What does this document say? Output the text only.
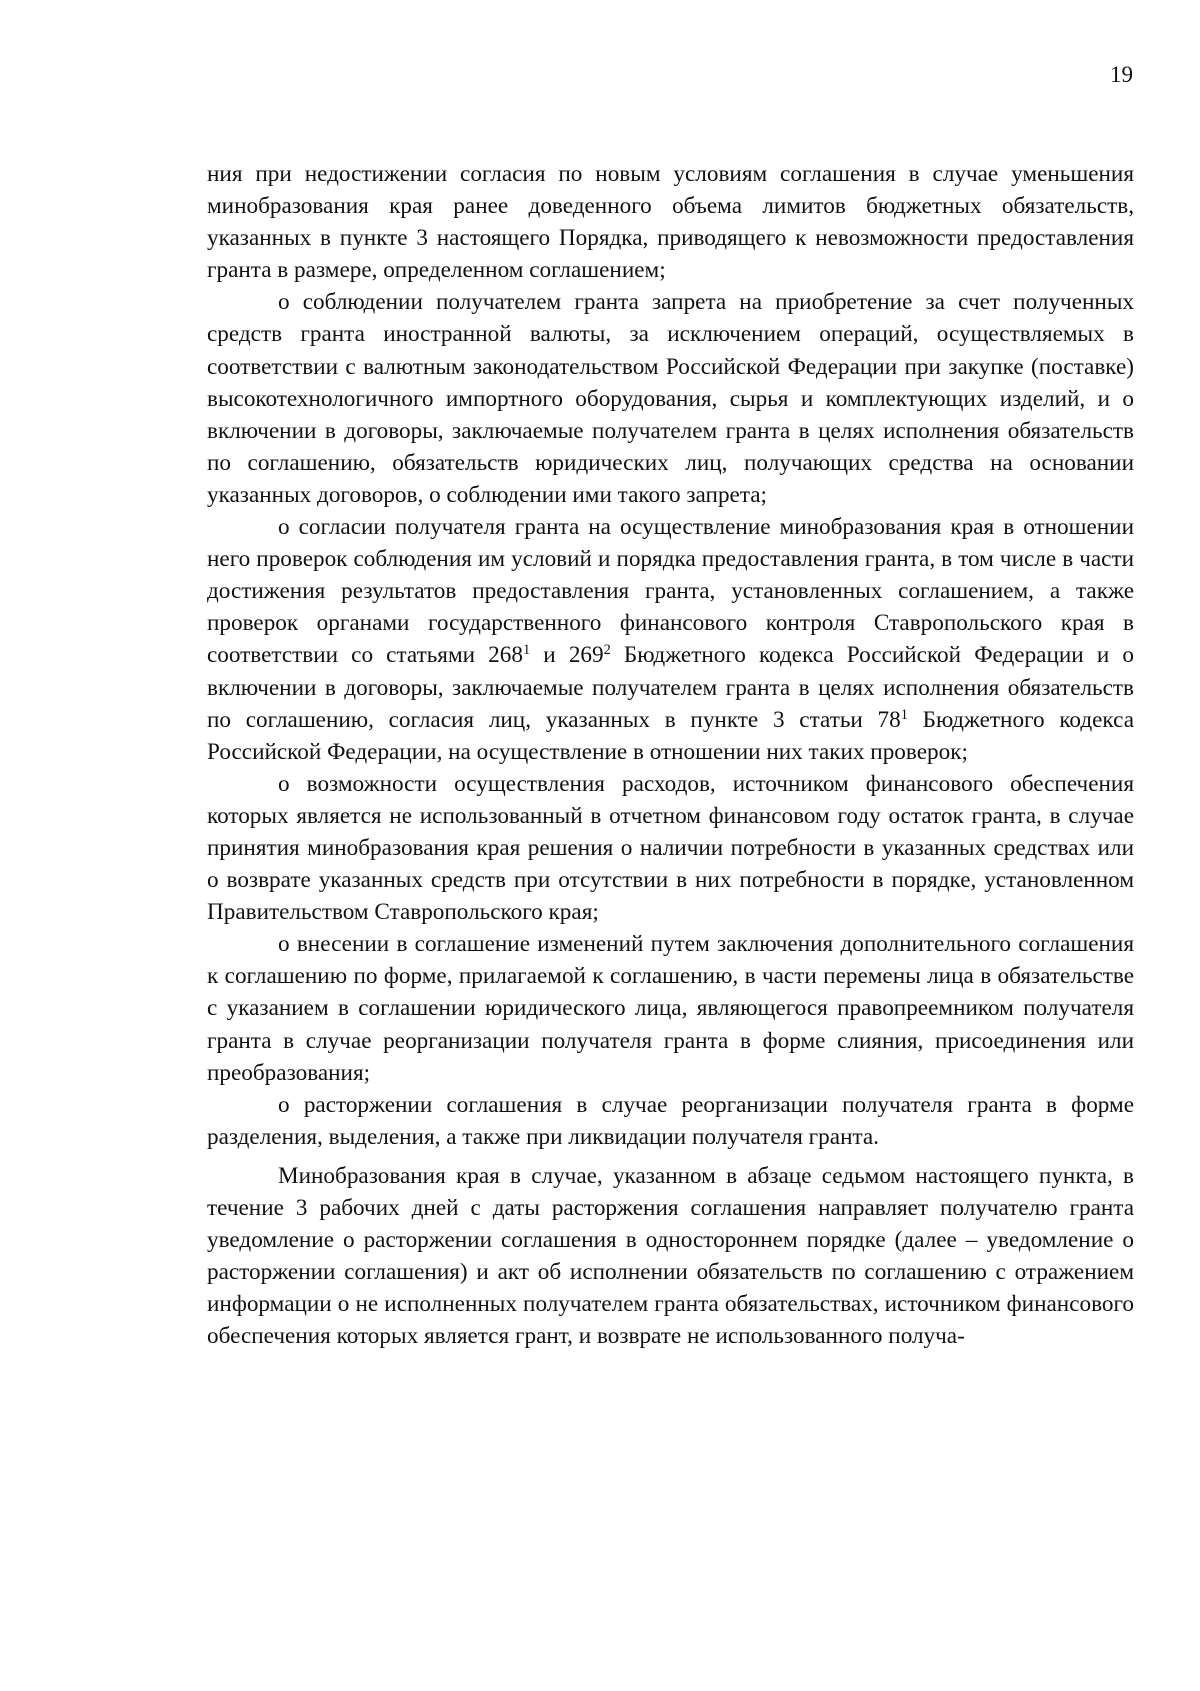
19

ния при недостижении согласия по новым условиям соглашения в случае уменьшения минобразования края ранее доведенного объема лимитов бюджетных обязательств, указанных в пункте 3 настоящего Порядка, приводящего к невозможности предоставления гранта в размере, определенном соглашением;

о соблюдении получателем гранта запрета на приобретение за счет полученных средств гранта иностранной валюты, за исключением операций, осуществляемых в соответствии с валютным законодательством Российской Федерации при закупке (поставке) высокотехнологичного импортного оборудования, сырья и комплектующих изделий, и о включении в договоры, заключаемые получателем гранта в целях исполнения обязательств по соглашению, обязательств юридических лиц, получающих средства на основании указанных договоров, о соблюдении ими такого запрета;

о согласии получателя гранта на осуществление минобразования края в отношении него проверок соблюдения им условий и порядка предоставления гранта, в том числе в части достижения результатов предоставления гранта, установленных соглашением, а также проверок органами государственного финансового контроля Ставропольского края в соответствии со статьями $268^1$ и $269^2$ Бюджетного кодекса Российской Федерации и о включении в договоры, заключаемые получателем гранта в целях исполнения обязательств по соглашению, согласия лиц, указанных в пункте 3 статьи $78^1$ Бюджетного кодекса Российской Федерации, на осуществление в отношении них таких проверок;

о возможности осуществления расходов, источником финансового обеспечения которых является не использованный в отчетном финансовом году остаток гранта, в случае принятия минобразования края решения о наличии потребности в указанных средствах или о возврате указанных средств при отсутствии в них потребности в порядке, установленном Правительством Ставропольского края;

о внесении в соглашение изменений путем заключения дополнительного соглашения к соглашению по форме, прилагаемой к соглашению, в части перемены лица в обязательстве с указанием в соглашении юридического лица, являющегося правопреемником получателя гранта в случае реорганизации получателя гранта в форме слияния, присоединения или преобразования;

о расторжении соглашения в случае реорганизации получателя гранта в форме разделения, выделения, а также при ликвидации получателя гранта.

Минобразования края в случае, указанном в абзаце седьмом настоящего пункта, в течение 3 рабочих дней с даты расторжения соглашения направляет получателю гранта уведомление о расторжении соглашения в одностороннем порядке (далее – уведомление о расторжении соглашения) и акт об исполнении обязательств по соглашению с отражением информации о не исполненных получателем гранта обязательствах, источником финансового обеспечения которых является грант, и возврате не использованного получа-
